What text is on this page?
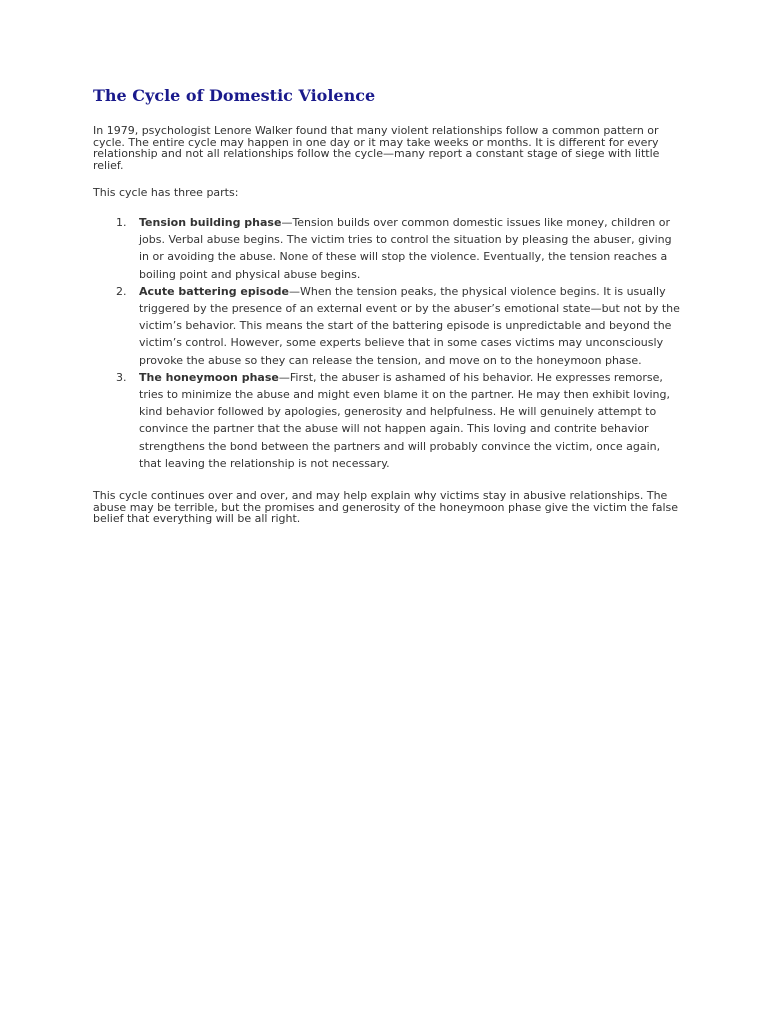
The Cycle of Domestic Violence

In 1979, psychologist Lenore Walker found that many violent relationships follow a common pattern or cycle. The entire cycle may happen in one day or it may take weeks or months. It is different for every relationship and not all relationships follow the cycle—many report a constant stage of siege with little relief.

This cycle has three parts:

1. Tension building phase—Tension builds over common domestic issues like money, children or jobs. Verbal abuse begins. The victim tries to control the situation by pleasing the abuser, giving in or avoiding the abuse. None of these will stop the violence. Eventually, the tension reaches a boiling point and physical abuse begins.
2. Acute battering episode—When the tension peaks, the physical violence begins. It is usually triggered by the presence of an external event or by the abuser’s emotional state—but not by the victim’s behavior. This means the start of the battering episode is unpredictable and beyond the victim’s control. However, some experts believe that in some cases victims may unconsciously provoke the abuse so they can release the tension, and move on to the honeymoon phase.
3. The honeymoon phase—First, the abuser is ashamed of his behavior. He expresses remorse, tries to minimize the abuse and might even blame it on the partner. He may then exhibit loving, kind behavior followed by apologies, generosity and helpfulness. He will genuinely attempt to convince the partner that the abuse will not happen again. This loving and contrite behavior strengthens the bond between the partners and will probably convince the victim, once again, that leaving the relationship is not necessary.

This cycle continues over and over, and may help explain why victims stay in abusive relationships. The abuse may be terrible, but the promises and generosity of the honeymoon phase give the victim the false belief that everything will be all right.
